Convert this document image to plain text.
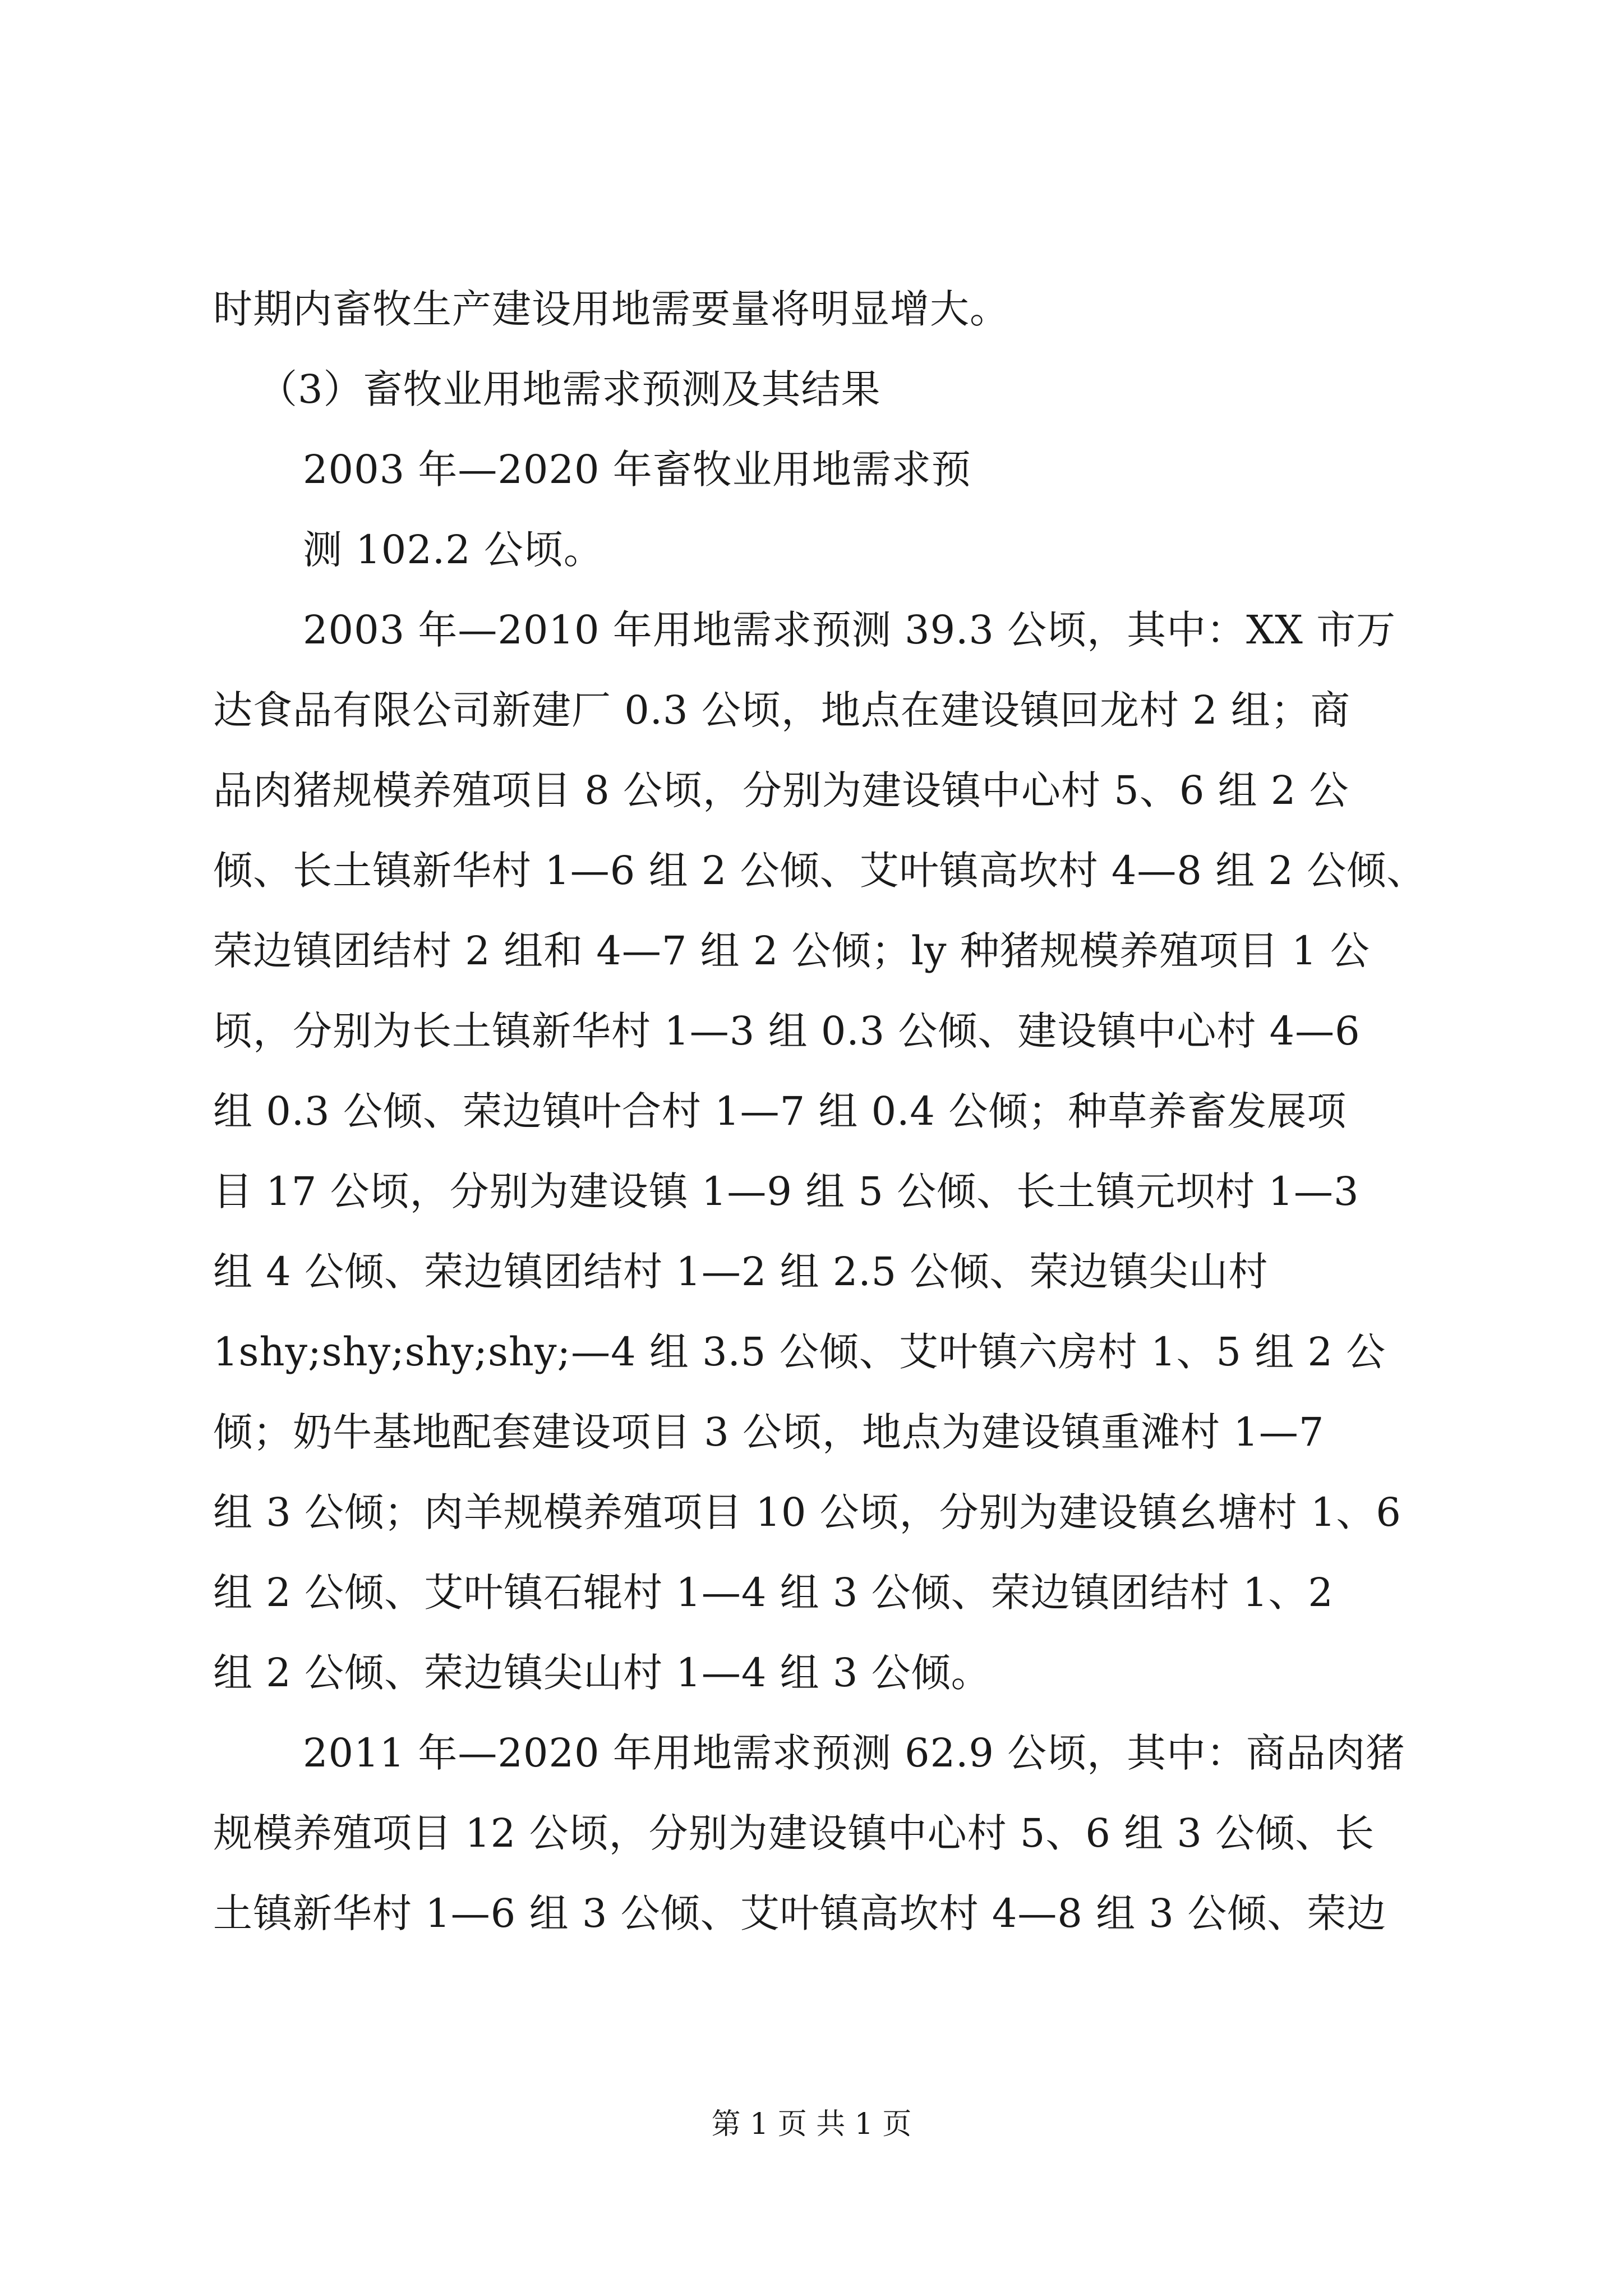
时期内畜牧生产建设用地需要量将明显增大。
（3）畜牧业用地需求预测及其结果
2003 年—2020 年畜牧业用地需求预
测 102.2 公顷。
2003 年—2010 年用地需求预测 39.3 公顷，其中：XX 市万
达食品有限公司新建厂 0.3 公顷，地点在建设镇回龙村 2 组；商
品肉猪规模养殖项目 8 公顷，分别为建设镇中心村 5、6 组 2 公
倾、长土镇新华村 1—6 组 2 公倾、艾叶镇高坎村 4—8 组 2 公倾、
荣边镇团结村 2 组和 4—7 组 2 公倾；ly 种猪规模养殖项目 1 公
顷，分别为长土镇新华村 1—3 组 0.3 公倾、建设镇中心村 4—6
组 0.3 公倾、荣边镇叶合村 1—7 组 0.4 公倾；种草养畜发展项
目 17 公顷，分别为建设镇 1—9 组 5 公倾、长土镇元坝村 1—3
组 4 公倾、荣边镇团结村 1—2 组 2.5 公倾、荣边镇尖山村
1shy;shy;shy;shy;—4 组 3.5 公倾、艾叶镇六房村 1、5 组 2 公
倾；奶牛基地配套建设项目 3 公顷，地点为建设镇重滩村 1—7
组 3 公倾；肉羊规模养殖项目 10 公顷，分别为建设镇幺塘村 1、6
组 2 公倾、艾叶镇石辊村 1—4 组 3 公倾、荣边镇团结村 1、2
组 2 公倾、荣边镇尖山村 1—4 组 3 公倾。
2011 年—2020 年用地需求预测 62.9 公顷，其中：商品肉猪
规模养殖项目 12 公顷，分别为建设镇中心村 5、6 组 3 公倾、长
土镇新华村 1—6 组 3 公倾、艾叶镇高坎村 4—8 组 3 公倾、荣边
第 1 页 共 1 页
